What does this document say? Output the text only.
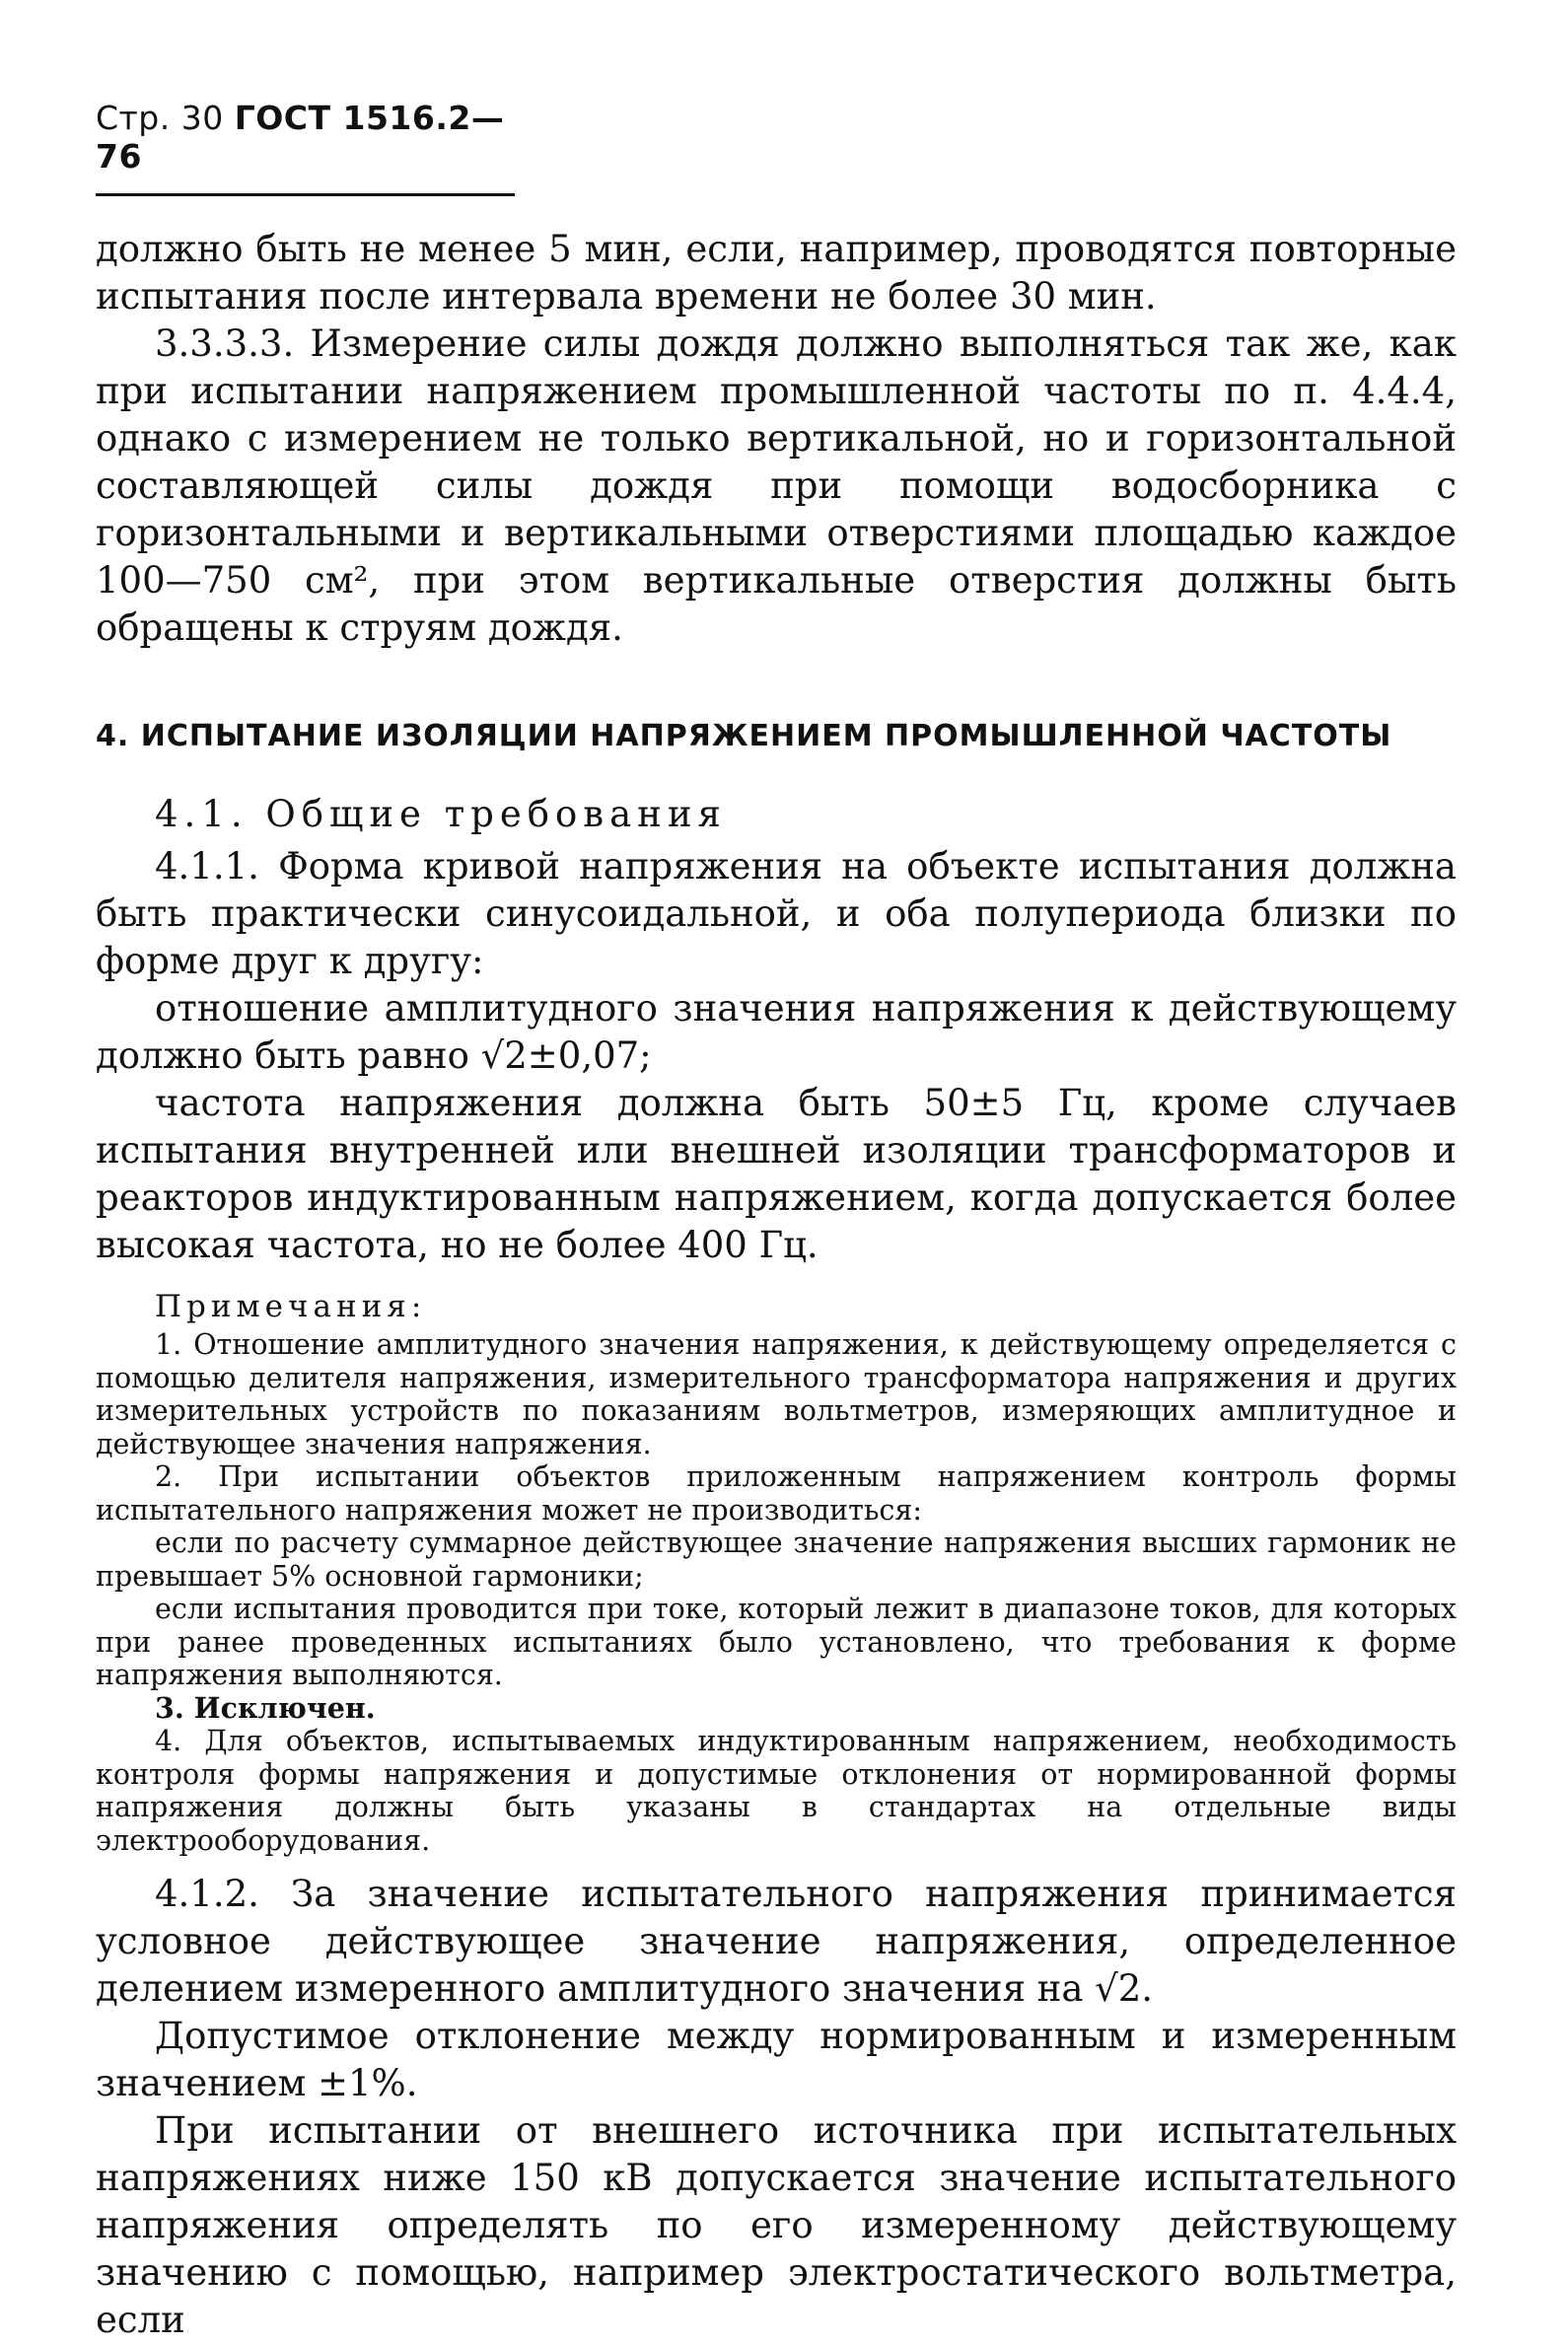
Стр. 30 ГОСТ 1516.2—76

должно быть не менее 5 мин, если, например, проводятся повторные испытания после интервала времени не более 30 мин.

3.3.3.3. Измерение силы дождя должно выполняться так же, как при испытании напряжением промышленной частоты по п. 4.4.4, однако с измерением не только вертикальной, но и горизонтальной составляющей силы дождя при помощи водосборника с горизонтальными и вертикальными отверстиями площадью каждое 100—750 см², при этом вертикальные отверстия должны быть обращены к струям дождя.

4. ИСПЫТАНИЕ ИЗОЛЯЦИИ НАПРЯЖЕНИЕМ ПРОМЫШЛЕННОЙ ЧАСТОТЫ
4.1. Общие требования

4.1.1. Форма кривой напряжения на объекте испытания должна быть практически синусоидальной, и оба полупериода близки по форме друг к другу:

отношение амплитудного значения напряжения к действующему должно быть равно √2±0,07;

частота напряжения должна быть 50±5 Гц, кроме случаев испытания внутренней или внешней изоляции трансформаторов и реакторов индуктированным напряжением, когда допускается более высокая частота, но не более 400 Гц.

Примечания:

1. Отношение амплитудного значения напряжения, к действующему определяется с помощью делителя напряжения, измерительного трансформатора напряжения и других измерительных устройств по показаниям вольтметров, измеряющих амплитудное и действующее значения напряжения.

2. При испытании объектов приложенным напряжением контроль формы испытательного напряжения может не производиться:

если по расчету суммарное действующее значение напряжения высших гармоник не превышает 5% основной гармоники;

если испытания проводится при токе, который лежит в диапазоне токов, для которых при ранее проведенных испытаниях было установлено, что требования к форме напряжения выполняются.

3. Исключен.

4. Для объектов, испытываемых индуктированным напряжением, необходимость контроля формы напряжения и допустимые отклонения от нормированной формы напряжения должны быть указаны в стандартах на отдельные виды электрооборудования.

4.1.2. За значение испытательного напряжения принимается условное действующее значение напряжения, определенное делением измеренного амплитудного значения на √2.

Допустимое отклонение между нормированным и измеренным значением ±1%.

При испытании от внешнего источника при испытательных напряжениях ниже 150 кВ допускается значение испытательного напряжения определять по его измеренному действующему значению с помощью, например электростатического вольтметра, если
